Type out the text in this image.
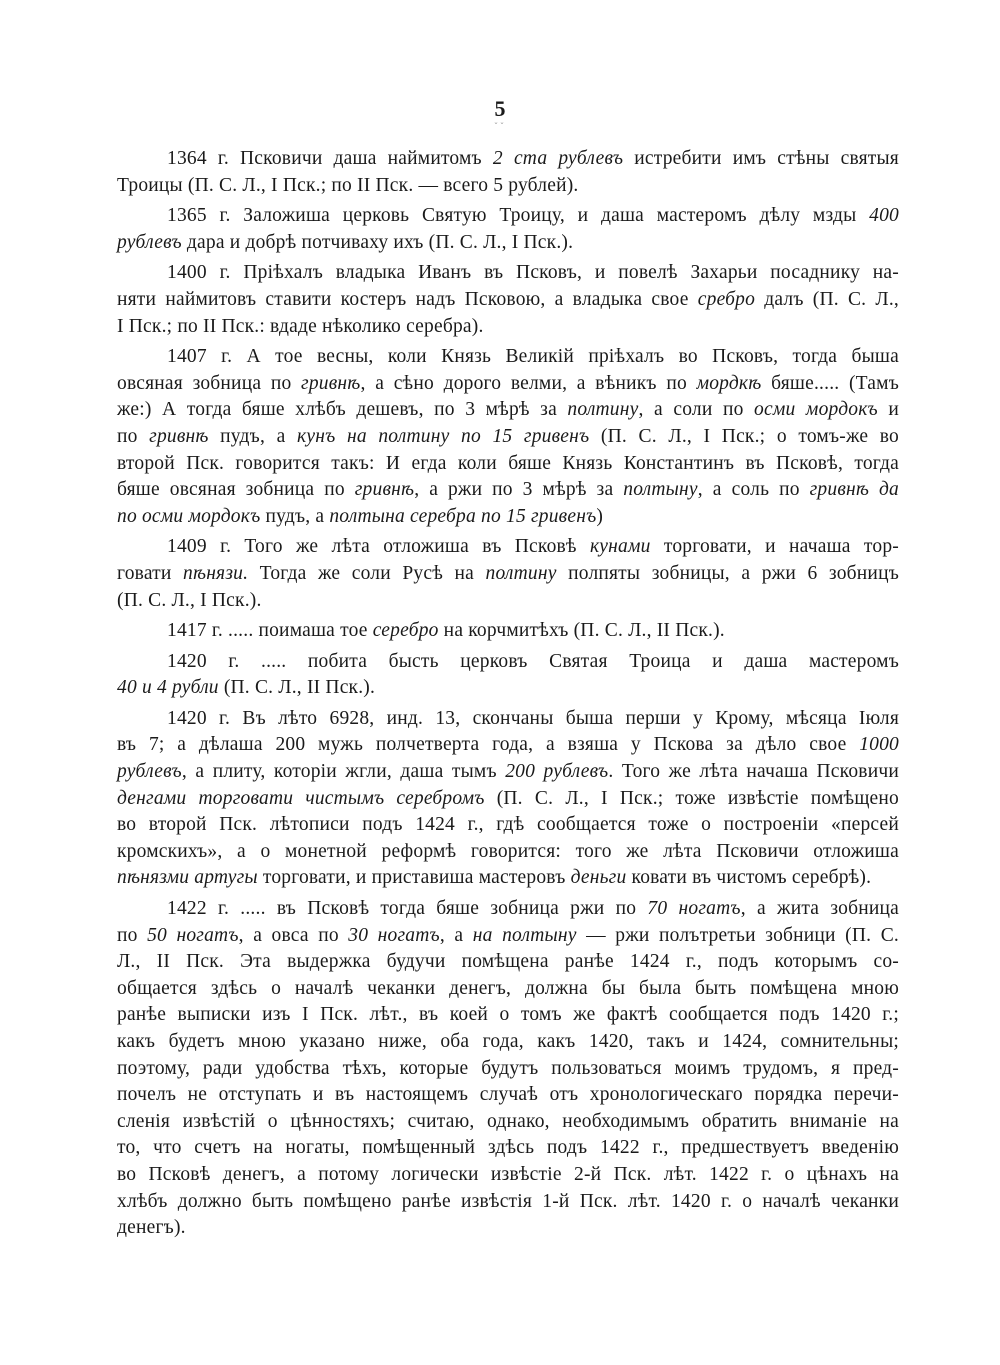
5
˘˘
1364 г. Псковичи даша наймитомъ 2 ста рублевъ истребити имъ стѣны святыя
Троицы (П. С. Л., I Пск.; по II Пск. — всего 5 рублей).
1365 г. Заложиша церковь Святую Троицу, и даша мастеромъ дѣлу мзды 400
рублевъ дара и добрѣ потчиваху ихъ (П. С. Л., I Пск.).
1400 г. Пріѣхалъ владыка Иванъ въ Псковъ, и повелѣ Захарьи посаднику на-
няти наймитовъ ставити костеръ надъ Псковою, а владыка свое сребро далъ (П. С. Л.,
I Пск.; по II Пск.: вдаде нѣколико серебра).
1407 г. А тое весны, коли Князь Великій пріѣхалъ во Псковъ, тогда быша
овсяная зобница по гривнѣ, а сѣно дорого велми, а вѣникъ по мордкѣ бяше..... (Тамъ
же:) А тогда бяше хлѣбъ дешевъ, по 3 мѣрѣ за полтину, а соли по осми мордокъ и
по гривнѣ пудъ, а кунъ на полтину по 15 гривенъ (П. С. Л., I Пск.; о томъ-же во
второй Пск. говорится такъ: И егда коли бяше Князь Константинъ въ Псковѣ, тогда
бяше овсяная зобница по гривнѣ, а ржи по 3 мѣрѣ за полтыну, а соль по гривнѣ да
по осми мордокъ пудъ, а полтына серебра по 15 гривенъ)
1409 г. Того же лѣта отложиша въ Псковѣ кунами торговати, и начаша тор-
говати пѣнязи. Тогда же соли Русѣ на полтину полпяты зобницы, а ржи 6 зобницъ
(П. С. Л., I Пск.).
1417 г. ..... поимаша тое серебро на корчмитѣхъ (П. С. Л., II Пск.).
1420 г. ..... побита бысть церковъ Святая Троица и даша мастеромъ
40 и 4 рубли (П. С. Л., II Пск.).
1420 г. Въ лѣто 6928, инд. 13, скончаны быша перши у Крому, мѣсяца Іюля
въ 7; а дѣлаша 200 мужь полчетверта года, а взяша у Пскова за дѣло свое 1000
рублевъ, а плиту, которіи жгли, даша тымъ 200 рублевъ. Того же лѣта начаша Псковичи
денгами торговати чистымъ серебромъ (П. С. Л., I Пск.; тоже извѣстіе помѣщено
во второй Пск. лѣтописи подъ 1424 г., гдѣ сообщается тоже о построеніи «персей
кромскихъ», а о монетной реформѣ говорится: того же лѣта Псковичи отложиша
пѣнязми артугы торговати, и приставиша мастеровъ деньги ковати въ чистомъ серебрѣ).
1422 г. ..... въ Псковѣ тогда бяше зобница ржи по 70 ногатъ, а жита зобница
по 50 ногатъ, а овса по 30 ногатъ, а на полтыну — ржи полътретьи зобници (П. С.
Л., II Пск. Эта выдержка будучи помѣщена ранѣе 1424 г., подъ которымъ со-
общается здѣсь о началѣ чеканки денегъ, должна бы была быть помѣщена мною
ранѣе выписки изъ I Пск. лѣт., въ коей о томъ же фактѣ сообщается подъ 1420 г.;
какъ будетъ мною указано ниже, оба года, какъ 1420, такъ и 1424, сомнительны;
поэтому, ради удобства тѣхъ, которые будутъ пользоваться моимъ трудомъ, я пред-
почелъ не отступать и въ настоящемъ случаѣ отъ хронологическаго порядка перечи-
сленія извѣстій о цѣнностяхъ; считаю, однако, необходимымъ обратить вниманіе на
то, что счетъ на ногаты, помѣщенный здѣсь подъ 1422 г., предшествуетъ введенію
во Псковѣ денегъ, а потому логически извѣстіе 2-й Пск. лѣт. 1422 г. о цѣнахъ на
хлѣбъ должно быть помѣщено ранѣе извѣстія 1-й Пск. лѣт. 1420 г. о началѣ чеканки
денегъ).
